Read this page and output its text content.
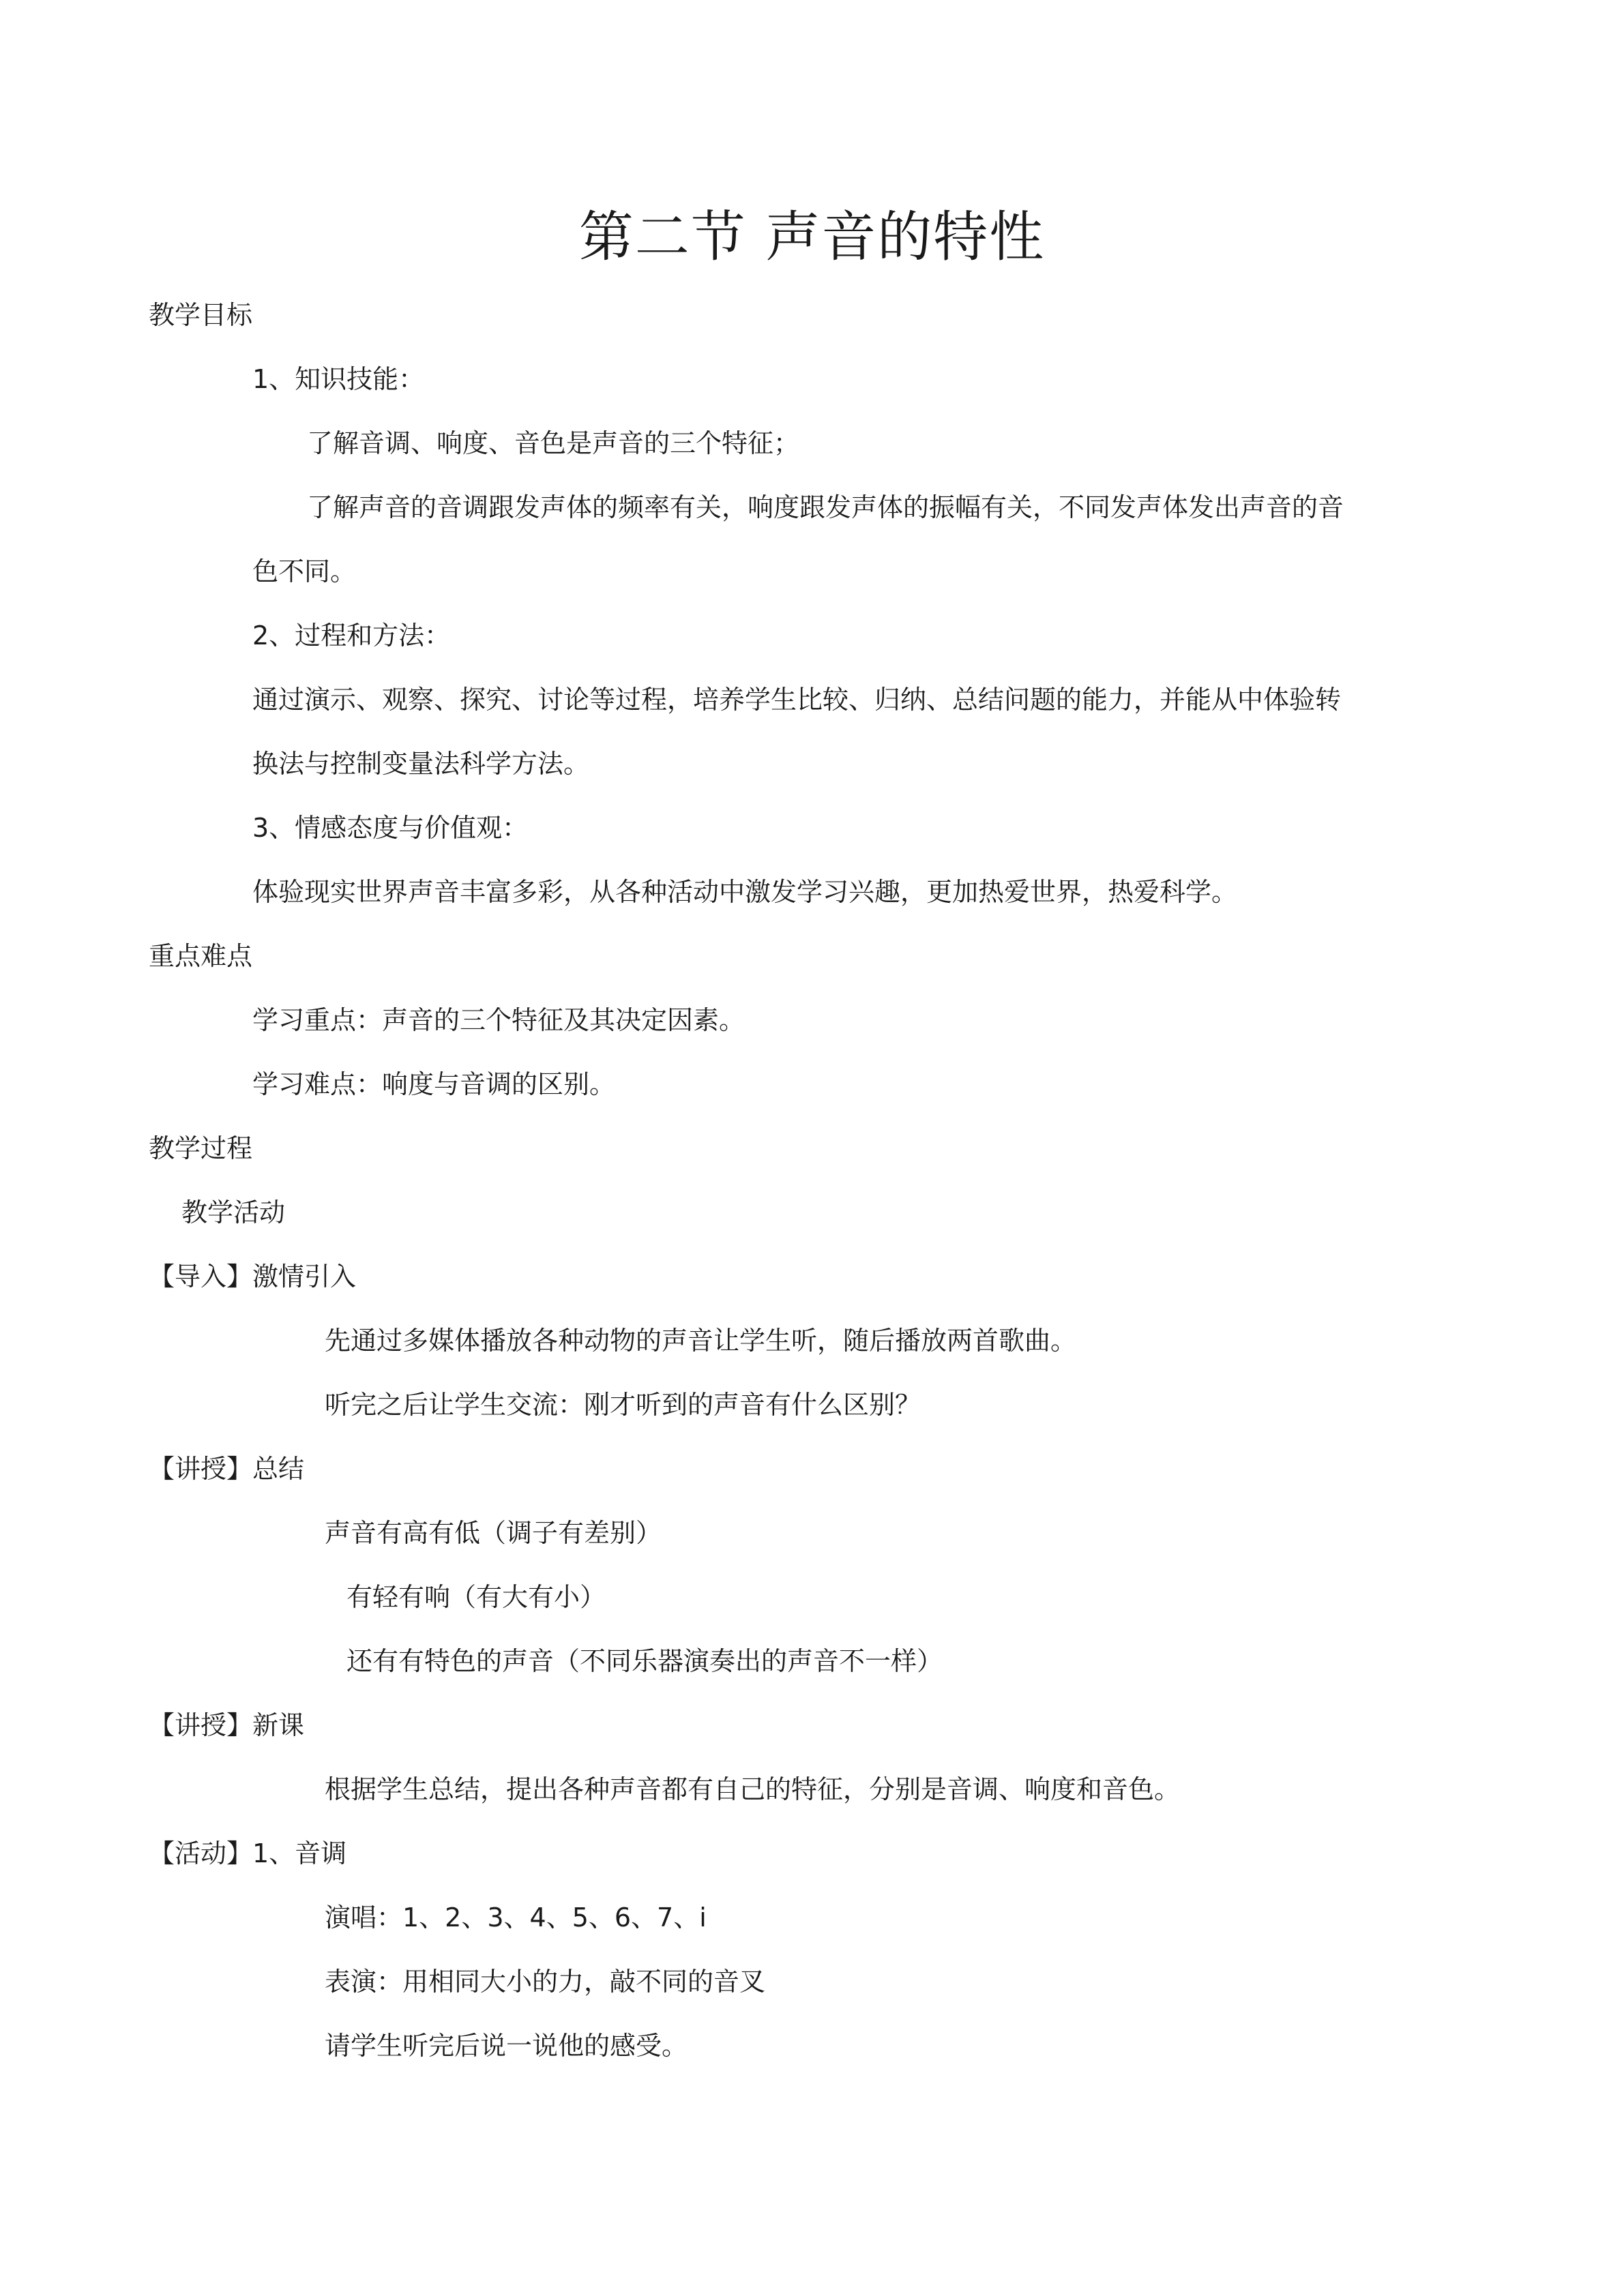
第二节 声音的特性

教学目标

1、知识技能：

了解音调、响度、音色是声音的三个特征；

了解声音的音调跟发声体的频率有关，响度跟发声体的振幅有关，不同发声体发出声音的音

色不同。

2、过程和方法：

通过演示、观察、探究、讨论等过程，培养学生比较、归纳、总结问题的能力，并能从中体验转

换法与控制变量法科学方法。

3、情感态度与价值观：

体验现实世界声音丰富多彩，从各种活动中激发学习兴趣，更加热爱世界，热爱科学。

重点难点

学习重点：声音的三个特征及其决定因素。

学习难点：响度与音调的区别。

教学过程

教学活动

【导入】激情引入

先通过多媒体播放各种动物的声音让学生听，随后播放两首歌曲。

听完之后让学生交流：刚才听到的声音有什么区别？

【讲授】总结

声音有高有低（调子有差别）

有轻有响（有大有小）

还有有特色的声音（不同乐器演奏出的声音不一样）

【讲授】新课

根据学生总结，提出各种声音都有自己的特征，分别是音调、响度和音色。

【活动】1、音调

演唱：1、2、3、4、5、6、7、i

表演：用相同大小的力，敲不同的音叉

请学生听完后说一说他的感受。
